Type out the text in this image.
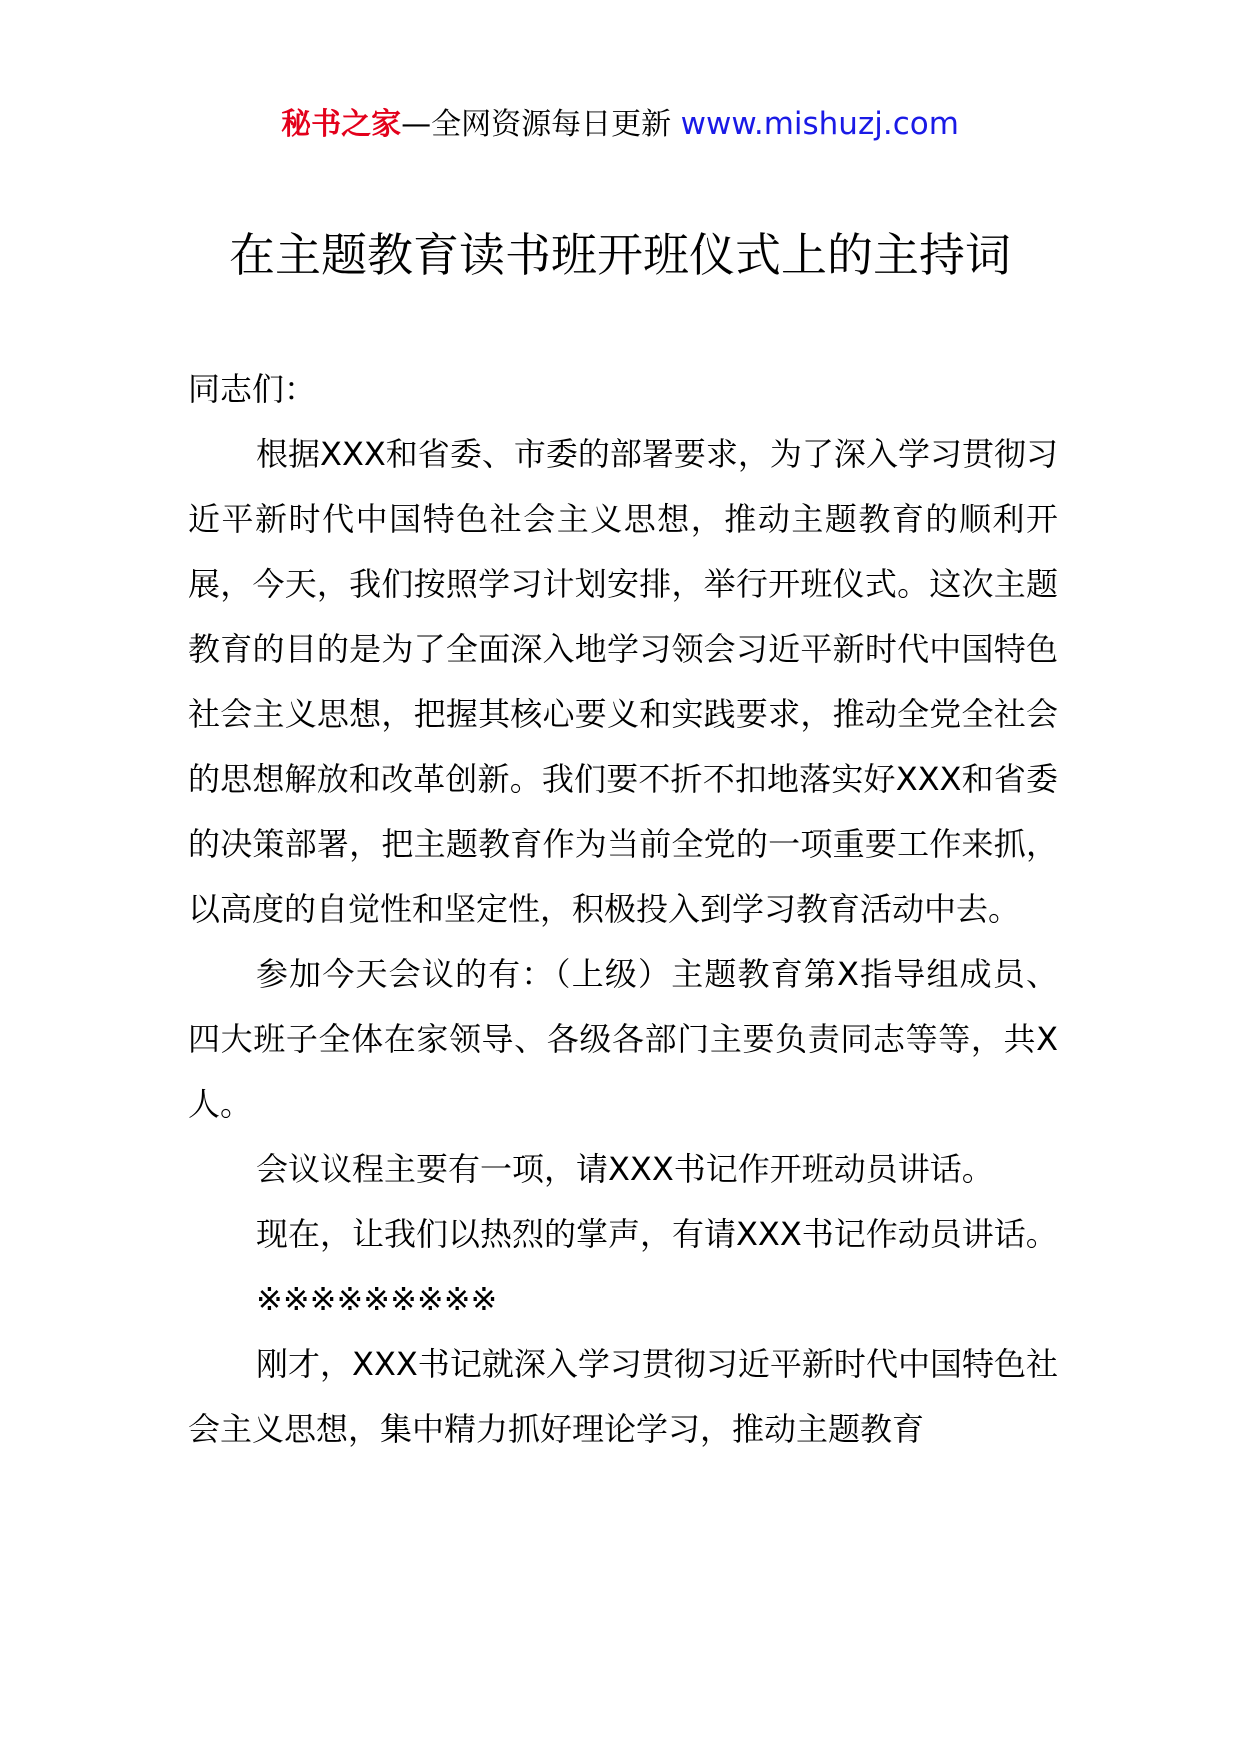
秘书之家—全网资源每日更新 www.mishuzj.com
在主题教育读书班开班仪式上的主持词

同志们：

根据XXX和省委、市委的部署要求，为了深入学习贯彻习近平新时代中国特色社会主义思想，推动主题教育的顺利开展，今天，我们按照学习计划安排，举行开班仪式。这次主题教育的目的是为了全面深入地学习领会习近平新时代中国特色社会主义思想，把握其核心要义和实践要求，推动全党全社会的思想解放和改革创新。我们要不折不扣地落实好XXX和省委的决策部署，把主题教育作为当前全党的一项重要工作来抓，以高度的自觉性和坚定性，积极投入到学习教育活动中去。

参加今天会议的有：（上级）主题教育第X指导组成员、四大班子全体在家领导、各级各部门主要负责同志等等，共X人。

会议议程主要有一项，请XXX书记作开班动员讲话。

现在，让我们以热烈的掌声，有请XXX书记作动员讲话。

※※※※※※※※※

刚才，XXX书记就深入学习贯彻习近平新时代中国特色社会主义思想，集中精力抓好理论学习，推动主题教育
